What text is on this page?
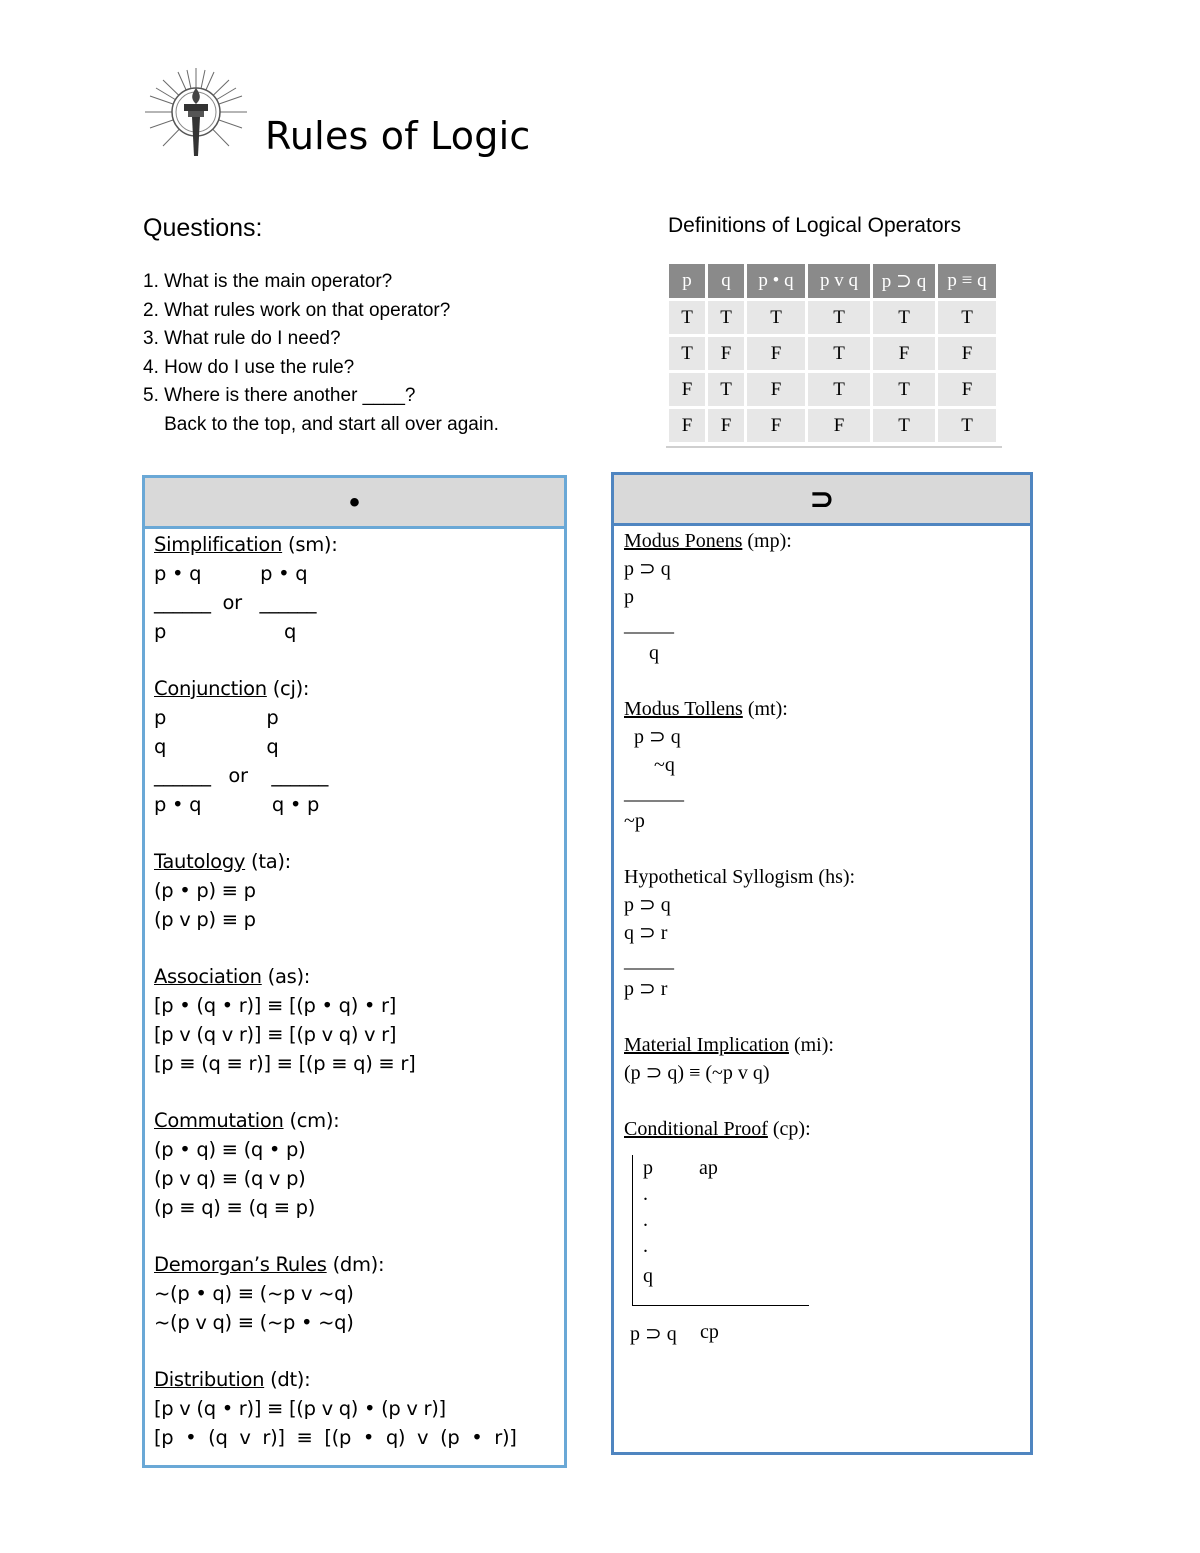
Rules of Logic
Questions:
1. What is the main operator?
2. What rules work on that operator?
3. What rule do I need?
4. How do I use the rule?
5. Where is there another ____?
Back to the top, and start all over again.
Definitions of Logical Operators
p	q	p • q	p v q	p ⊃ q	p ≡ q
T	T	T	T	T	T
T	F	F	T	F	F
F	T	F	T	T	F
F	F	F	F	T	T
•
Simplification (sm):
p • q          p • q
______  or   ______
p                    q
Conjunction (cj):
p                 p
q                 q
______   or    ______
p • q            q • p
Tautology (ta):
(p • p) ≡ p
(p v p) ≡ p
Association (as):
[p • (q • r)] ≡ [(p • q) • r]
[p v (q v r)] ≡ [(p v q) v r]
[p ≡ (q ≡ r)] ≡ [(p ≡ q) ≡ r]
Commutation (cm):
(p • q) ≡ (q • p)
(p v q) ≡ (q v p)
(p ≡ q) ≡ (q ≡ p)
Demorgan’s Rules (dm):
~(p • q) ≡ (~p v ~q)
~(p v q) ≡ (~p • ~q)
Distribution (dt):
[p v (q • r)] ≡ [(p v q) • (p v r)]
[p  •  (q  v  r)]  ≡  [(p  •  q)  v  (p  •  r)]
⊃
Modus Ponens (mp):
p ⊃ q
p
_____
q
Modus Tollens (mt):
p ⊃ q
~q
______
~p
Hypothetical Syllogism (hs):
p ⊃ q
q ⊃ r
_____
p ⊃ r
Material Implication (mi):
(p ⊃ q) ≡ (~p v q)
Conditional Proof (cp):
p ap
.
.
.
q
p ⊃ q cp
